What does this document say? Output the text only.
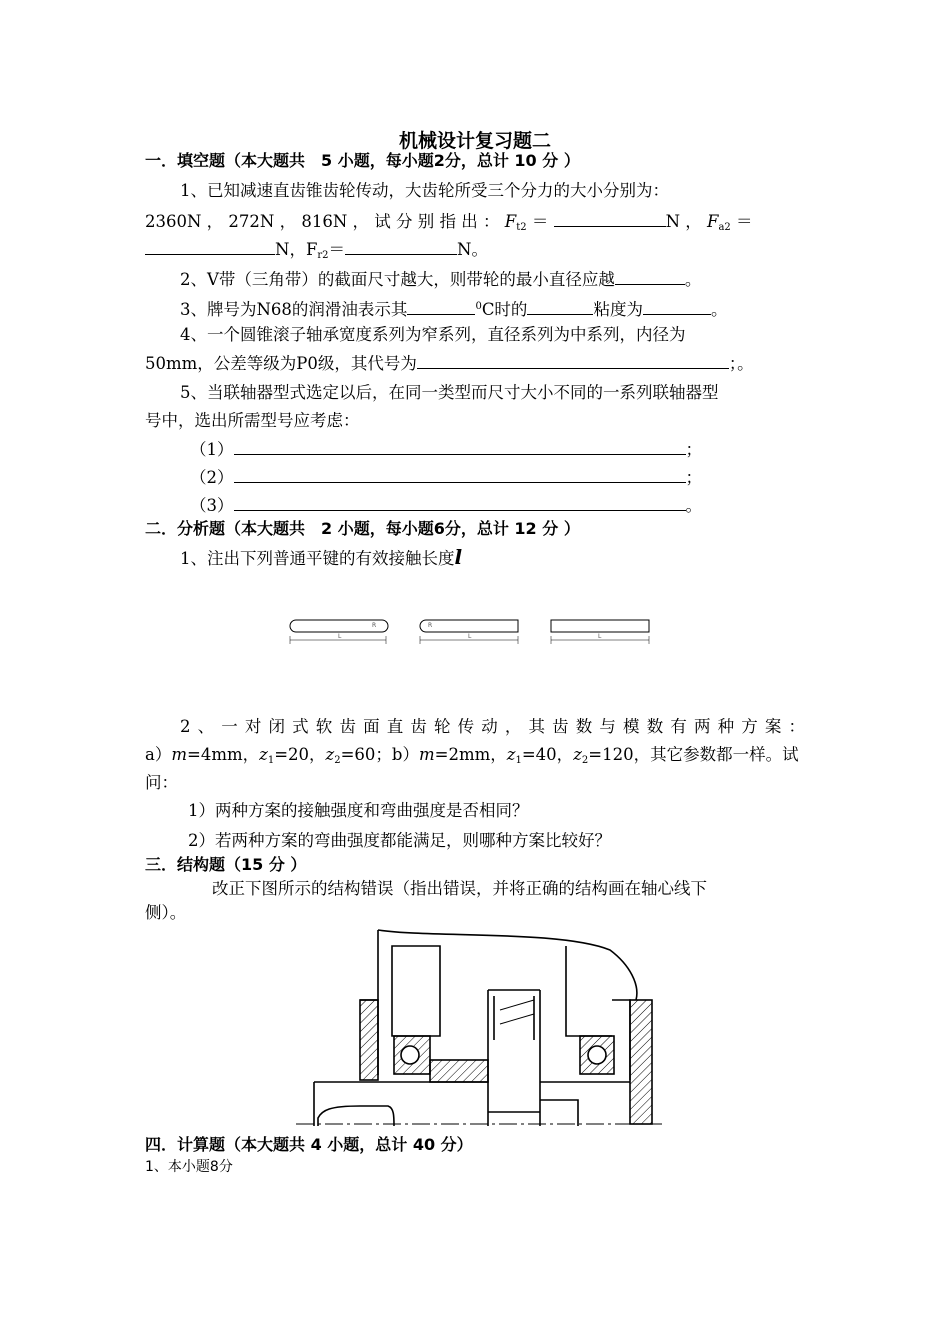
机械设计复习题二
一．填空题（本大题共　5 小题，每小题2分，总计 10 分 ）
1、已知减速直齿锥齿轮传动，大齿轮所受三个分力的大小分别为：
2360N ， 272N ， 816N ， 试 分 别 指 出 ： $F_{t2}$ ＝	N ， $F_{a2}$ ＝
N，$F_{r2}=$	N。
2、V带（三角带）的截面尺寸越大，则带轮的最小直径应越	。
3、牌号为N68的润滑油表示其	$^0$C时的	粘度为	。
4、一个圆锥滚子轴承宽度系列为窄系列，直径系列为中系列，内径为
50mm，公差等级为P0级，其代号为	；。
5、当联轴器型式选定以后，在同一类型而尺寸大小不同的一系列联轴器型
号中，选出所需型号应考虑：
（1）	；
（2）	；
（3）	。
二．分析题（本大题共　2 小题，每小题6分，总计 12 分 ）
1、注出下列普通平键的有效接触长度l
R
L
R
L	L
2、一对闭式软齿面直齿轮传动，其齿数与模数有两种方案：
a）m=4mm，$z_1=20$，$z_2=60$；b）m=2mm，$z_1=40$，$z_2=120$，其它参数都一样。试
问：
1）两种方案的接触强度和弯曲强度是否相同？
2）若两种方案的弯曲强度都能满足，则哪种方案比较好？
三．结构题（15 分 ）
改正下图所示的结构错误（指出错误，并将正确的结构画在轴心线下
侧）。
四．计算题（本大题共 4 小题，总计 40 分）
1、本小题8分
